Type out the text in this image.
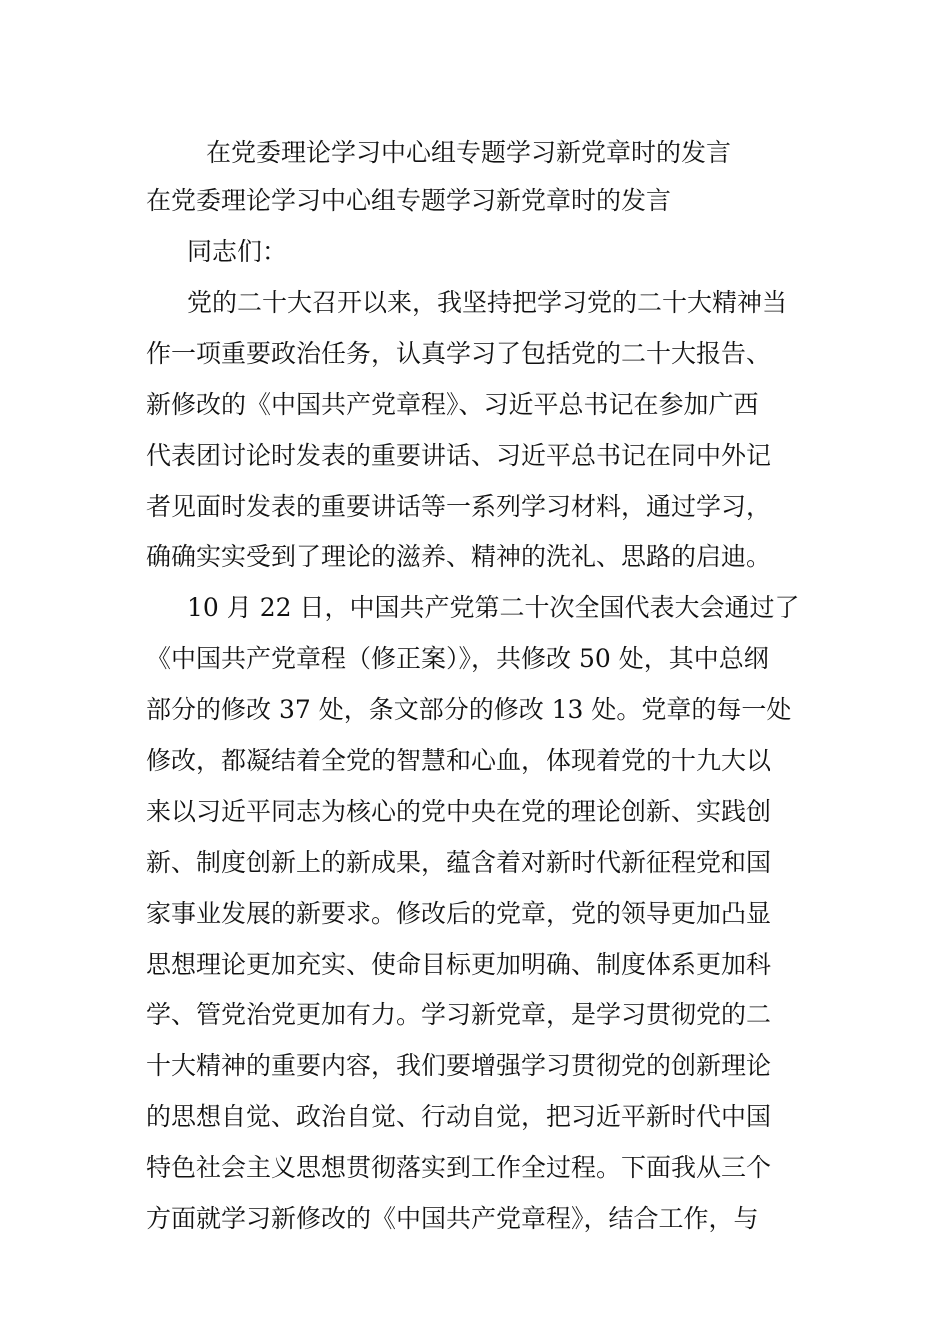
在党委理论学习中心组专题学习新党章时的发言
在党委理论学习中心组专题学习新党章时的发言
同志们：
党的二十大召开以来，我坚持把学习党的二十大精神当
作一项重要政治任务，认真学习了包括党的二十大报告、
新修改的《中国共产党章程》、习近平总书记在参加广西
代表团讨论时发表的重要讲话、习近平总书记在同中外记
者见面时发表的重要讲话等一系列学习材料，通过学习，
确确实实受到了理论的滋养、精神的洗礼、思路的启迪。
10 月 22 日，中国共产党第二十次全国代表大会通过了
《中国共产党章程（修正案）》，共修改 50 处，其中总纲
部分的修改 37 处，条文部分的修改 13 处。党章的每一处
修改，都凝结着全党的智慧和心血，体现着党的十九大以
来以习近平同志为核心的党中央在党的理论创新、实践创
新、制度创新上的新成果，蕴含着对新时代新征程党和国
家事业发展的新要求。修改后的党章，党的领导更加凸显
思想理论更加充实、使命目标更加明确、制度体系更加科
学、管党治党更加有力。学习新党章，是学习贯彻党的二
十大精神的重要内容，我们要增强学习贯彻党的创新理论
的思想自觉、政治自觉、行动自觉，把习近平新时代中国
特色社会主义思想贯彻落实到工作全过程。下面我从三个
方面就学习新修改的《中国共产党章程》，结合工作，与
